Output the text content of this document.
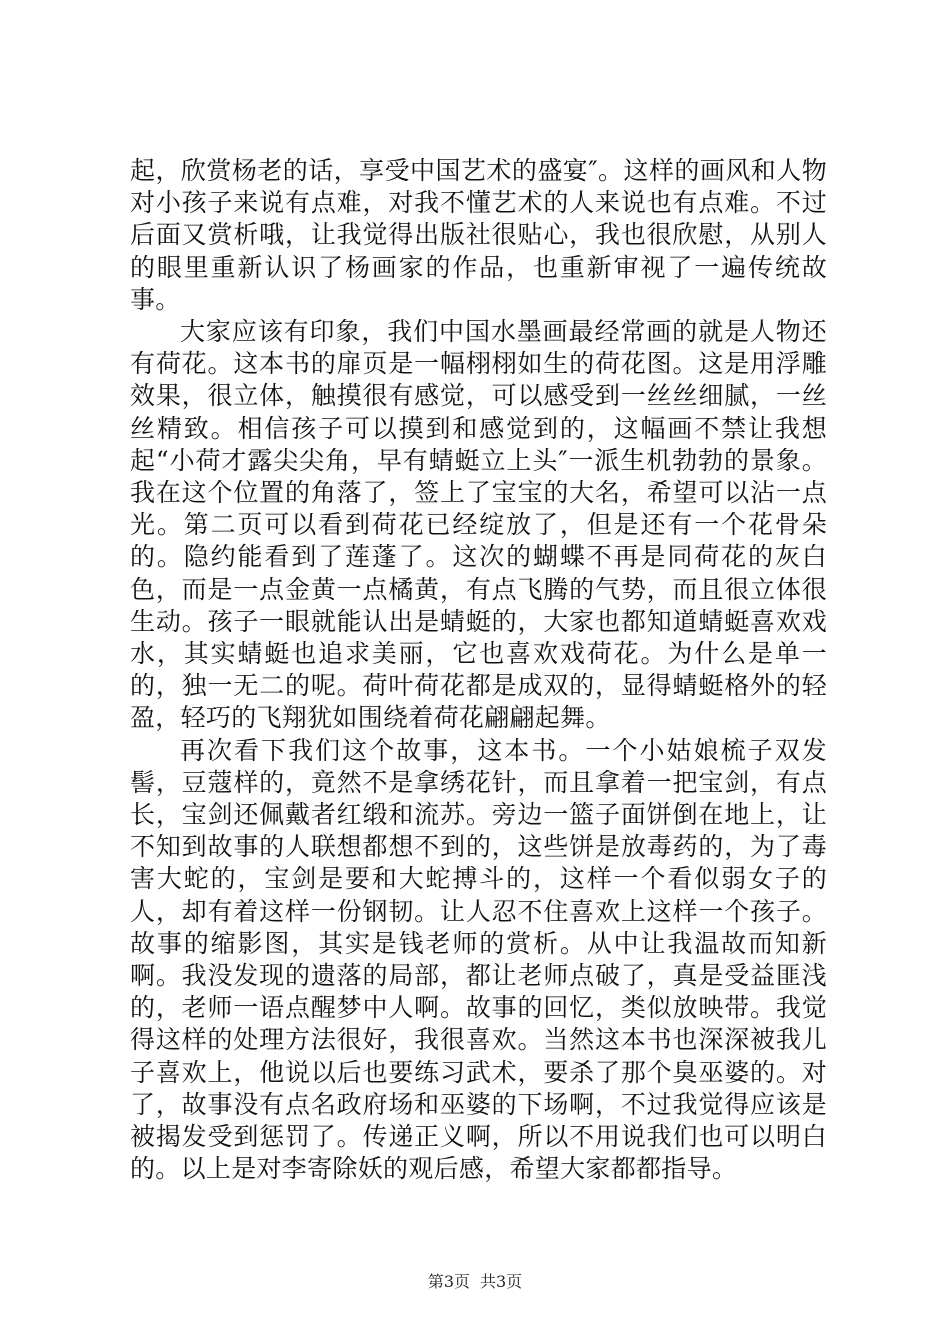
起，欣赏杨老的话，享受中国艺术的盛宴″。这样的画风和人物对小孩子来说有点难，对我不懂艺术的人来说也有点难。不过后面又赏析哦，让我觉得出版社很贴心，我也很欣慰，从别人的眼里重新认识了杨画家的作品，也重新审视了一遍传统故事。

大家应该有印象，我们中国水墨画最经常画的就是人物还有荷花。这本书的扉页是一幅栩栩如生的荷花图。这是用浮雕效果，很立体，触摸很有感觉，可以感受到一丝丝细腻，一丝丝精致。相信孩子可以摸到和感觉到的，这幅画不禁让我想起“小荷才露尖尖角，早有蜻蜓立上头″一派生机勃勃的景象。我在这个位置的角落了，签上了宝宝的大名，希望可以沾一点光。第二页可以看到荷花已经绽放了，但是还有一个花骨朵的。隐约能看到了莲蓬了。这次的蝴蝶不再是同荷花的灰白色，而是一点金黄一点橘黄，有点飞腾的气势，而且很立体很生动。孩子一眼就能认出是蜻蜓的，大家也都知道蜻蜓喜欢戏水，其实蜻蜓也追求美丽，它也喜欢戏荷花。为什么是单一的，独一无二的呢。荷叶荷花都是成双的，显得蜻蜓格外的轻盈，轻巧的飞翔犹如围绕着荷花翩翩起舞。

再次看下我们这个故事，这本书。一个小姑娘梳子双发髻，豆蔻样的，竟然不是拿绣花针，而且拿着一把宝剑，有点长，宝剑还佩戴者红缎和流苏。旁边一篮子面饼倒在地上，让不知到故事的人联想都想不到的，这些饼是放毒药的，为了毒害大蛇的，宝剑是要和大蛇搏斗的，这样一个看似弱女子的人，却有着这样一份钢韧。让人忍不住喜欢上这样一个孩子。故事的缩影图，其实是钱老师的赏析。从中让我温故而知新啊。我没发现的遗落的局部，都让老师点破了，真是受益匪浅的，老师一语点醒梦中人啊。故事的回忆，类似放映带。我觉得这样的处理方法很好，我很喜欢。当然这本书也深深被我儿子喜欢上，他说以后也要练习武术，要杀了那个臭巫婆的。对了，故事没有点名政府场和巫婆的下场啊，不过我觉得应该是被揭发受到惩罚了。传递正义啊，所以不用说我们也可以明白的。以上是对李寄除妖的观后感，希望大家都都指导。

第3页 共3页
